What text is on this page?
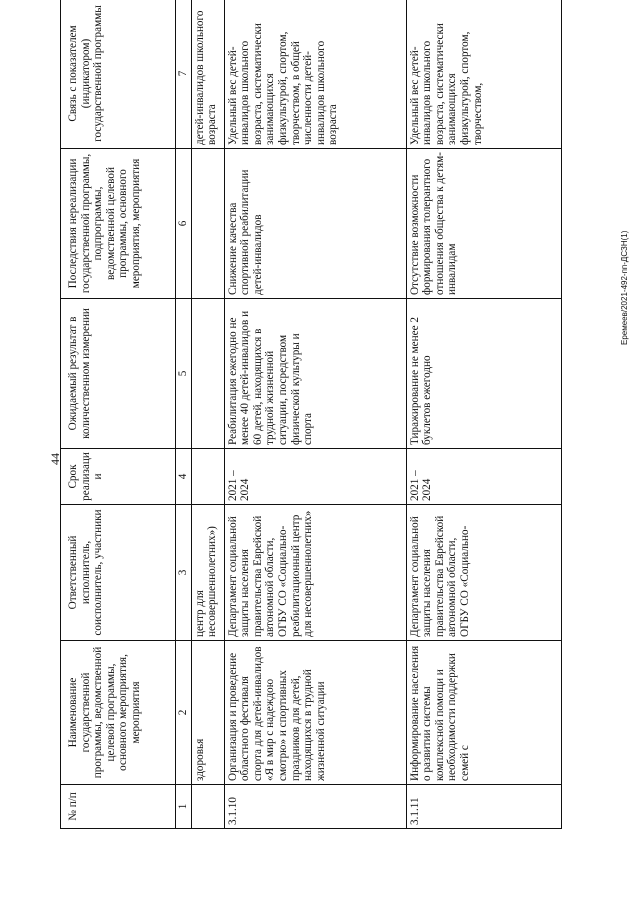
44
№ п/п	Наименование государственной программы, ведомственной целевой программы, основного мероприятия, мероприятия	Ответственный исполнитель, соисполнитель, участники	Срок реализации	Ожидаемый результат в количественном измерении	Последствия нереализации государственной программы, подпрограммы, ведомственной целевой программы, основного мероприятия, мероприятия	Связь с показателем (индикатором) государственной программы
1	2	3	4	5	6	7
	здоровья	центр для несовершеннолетних»)				детей-инвалидов школьного возраста
3.1.10	Организация и проведение областного фестиваля спорта для детей-инвалидов «Я в мир с надеждою смотрю» и спортивных праздников для детей, находящихся в трудной жизненной ситуации	Департамент социальной защиты населения правительства Еврейской автономной области, ОГБУ СО «Социально-реабилитационный центр для несовершеннолетних»	2021 – 2024	Реабилитация ежегодно не менее 40 детей-инвалидов и 60 детей, находящихся в трудной жизненной ситуации, посредством физической культуры и спорта	Снижение качества спортивной реабилитации детей-инвалидов	Удельный вес детей-инвалидов школьного возраста, систематически занимающихся физкультурой, спортом, творчеством, в общей численности детей-инвалидов школьного возраста
3.1.11	Информирование населения о развитии системы комплексной помощи и необходимости поддержки семей с	Департамент социальной защиты населения правительства Еврейской автономной области, ОГБУ СО «Социально-	2021 – 2024	Тиражирование не менее 2 буклетов ежегодно	Отсутствие возможности формирования толерантного отношения общества к детям-инвалидам	Удельный вес детей-инвалидов школьного возраста, систематически занимающихся физкультурой, спортом, творчеством,
Еремеев/2021-492-пп-ДСЗН(1)
